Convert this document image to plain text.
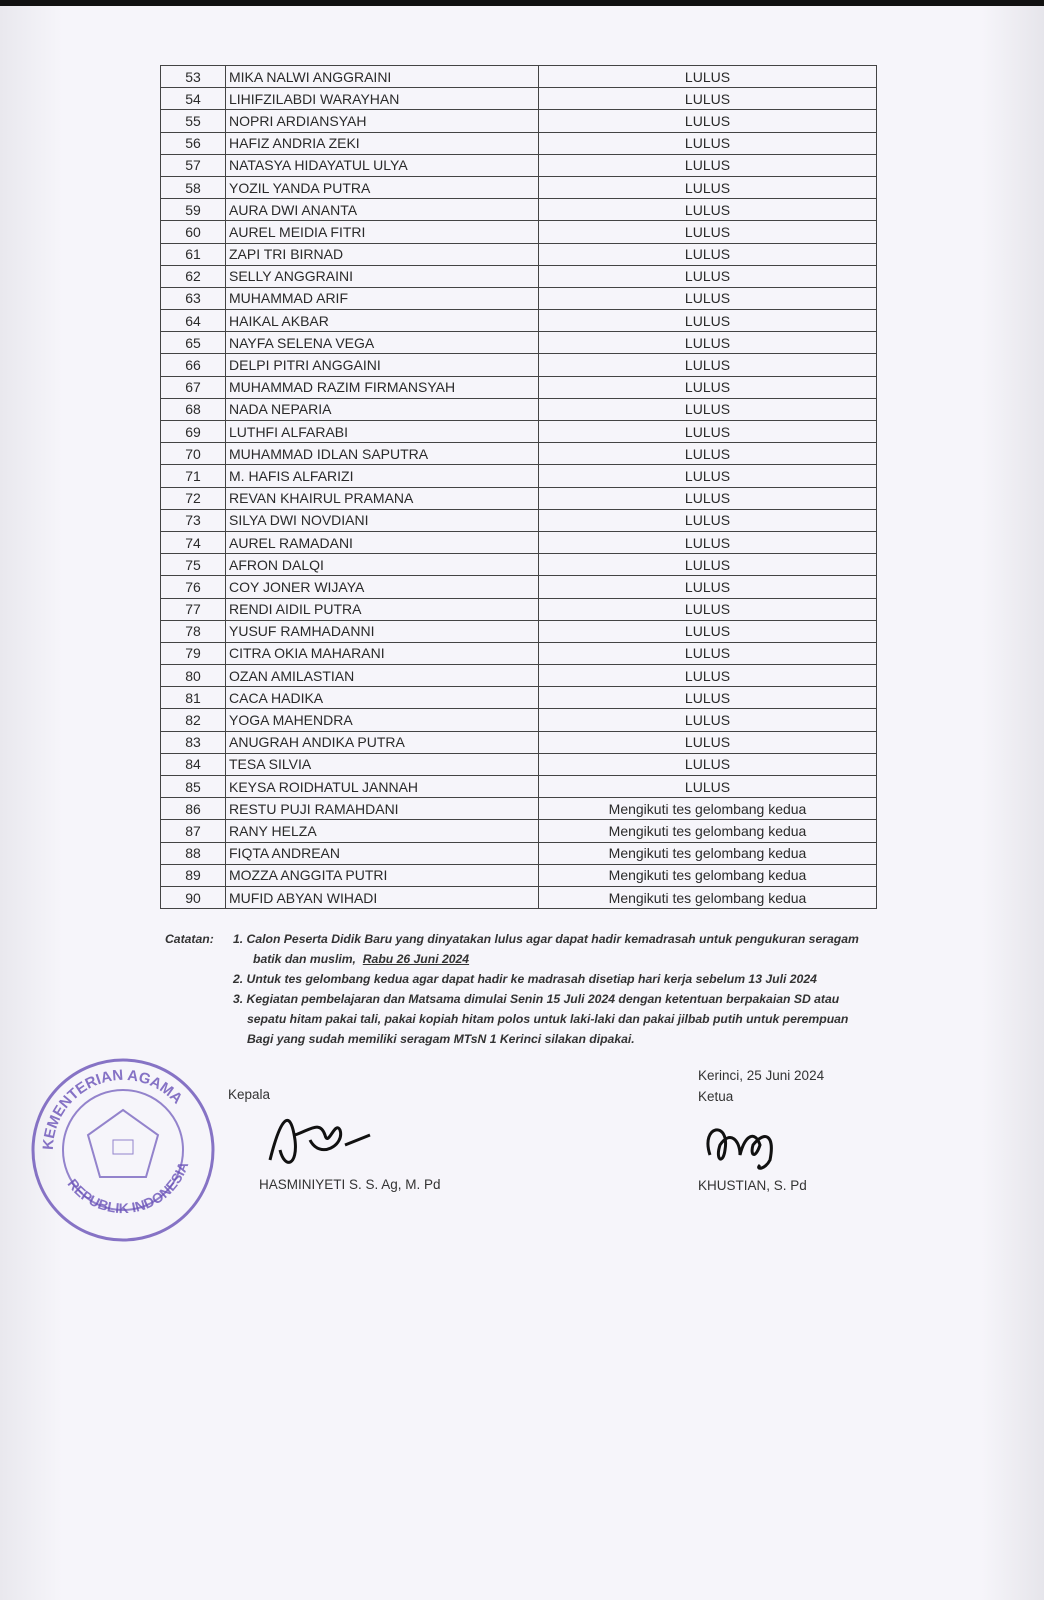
53	MIKA NALWI ANGGRAINI	LULUS
54	LIHIFZILABDI WARAYHAN	LULUS
55	NOPRI ARDIANSYAH	LULUS
56	HAFIZ ANDRIA ZEKI	LULUS
57	NATASYA HIDAYATUL ULYA	LULUS
58	YOZIL YANDA PUTRA	LULUS
59	AURA DWI ANANTA	LULUS
60	AUREL MEIDIA FITRI	LULUS
61	ZAPI TRI BIRNAD	LULUS
62	SELLY ANGGRAINI	LULUS
63	MUHAMMAD ARIF	LULUS
64	HAIKAL AKBAR	LULUS
65	NAYFA SELENA VEGA	LULUS
66	DELPI PITRI ANGGAINI	LULUS
67	MUHAMMAD RAZIM FIRMANSYAH	LULUS
68	NADA NEPARIA	LULUS
69	LUTHFI ALFARABI	LULUS
70	MUHAMMAD IDLAN SAPUTRA	LULUS
71	M. HAFIS ALFARIZI	LULUS
72	REVAN KHAIRUL PRAMANA	LULUS
73	SILYA DWI NOVDIANI	LULUS
74	AUREL RAMADANI	LULUS
75	AFRON DALQI	LULUS
76	COY JONER WIJAYA	LULUS
77	RENDI AIDIL PUTRA	LULUS
78	YUSUF RAMHADANNI	LULUS
79	CITRA OKIA MAHARANI	LULUS
80	OZAN AMILASTIAN	LULUS
81	CACA HADIKA	LULUS
82	YOGA MAHENDRA	LULUS
83	ANUGRAH ANDIKA PUTRA	LULUS
84	TESA SILVIA	LULUS
85	KEYSA ROIDHATUL JANNAH	LULUS
86	RESTU PUJI RAMAHDANI	Mengikuti tes gelombang kedua
87	RANY HELZA	Mengikuti tes gelombang kedua
88	FIQTA ANDREAN	Mengikuti tes gelombang kedua
89	MOZZA ANGGITA PUTRI	Mengikuti tes gelombang kedua
90	MUFID ABYAN WIHADI	Mengikuti tes gelombang kedua
Catatan: 1. Calon Peserta Didik Baru yang dinyatakan lulus agar dapat hadir kemadrasah untuk pengukuran seragam
batik dan muslim, Rabu 26 Juni 2024
2. Untuk tes gelombang kedua agar dapat hadir ke madrasah disetiap hari kerja sebelum 13 Juli 2024
3. Kegiatan pembelajaran dan Matsama dimulai Senin 15 Juli 2024 dengan ketentuan berpakaian SD atau
sepatu hitam pakai tali, pakai kopiah hitam polos untuk laki-laki dan pakai jilbab putih untuk perempuan
Bagi yang sudah memiliki seragam MTsN 1 Kerinci silakan dipakai.
KEMENTERIAN AGAMA
REPUBLIK INDONESIA
Kepala
HASMINIYETI S. S. Ag, M. Pd
Kerinci, 25 Juni 2024
Ketua
KHUSTIAN, S. Pd
